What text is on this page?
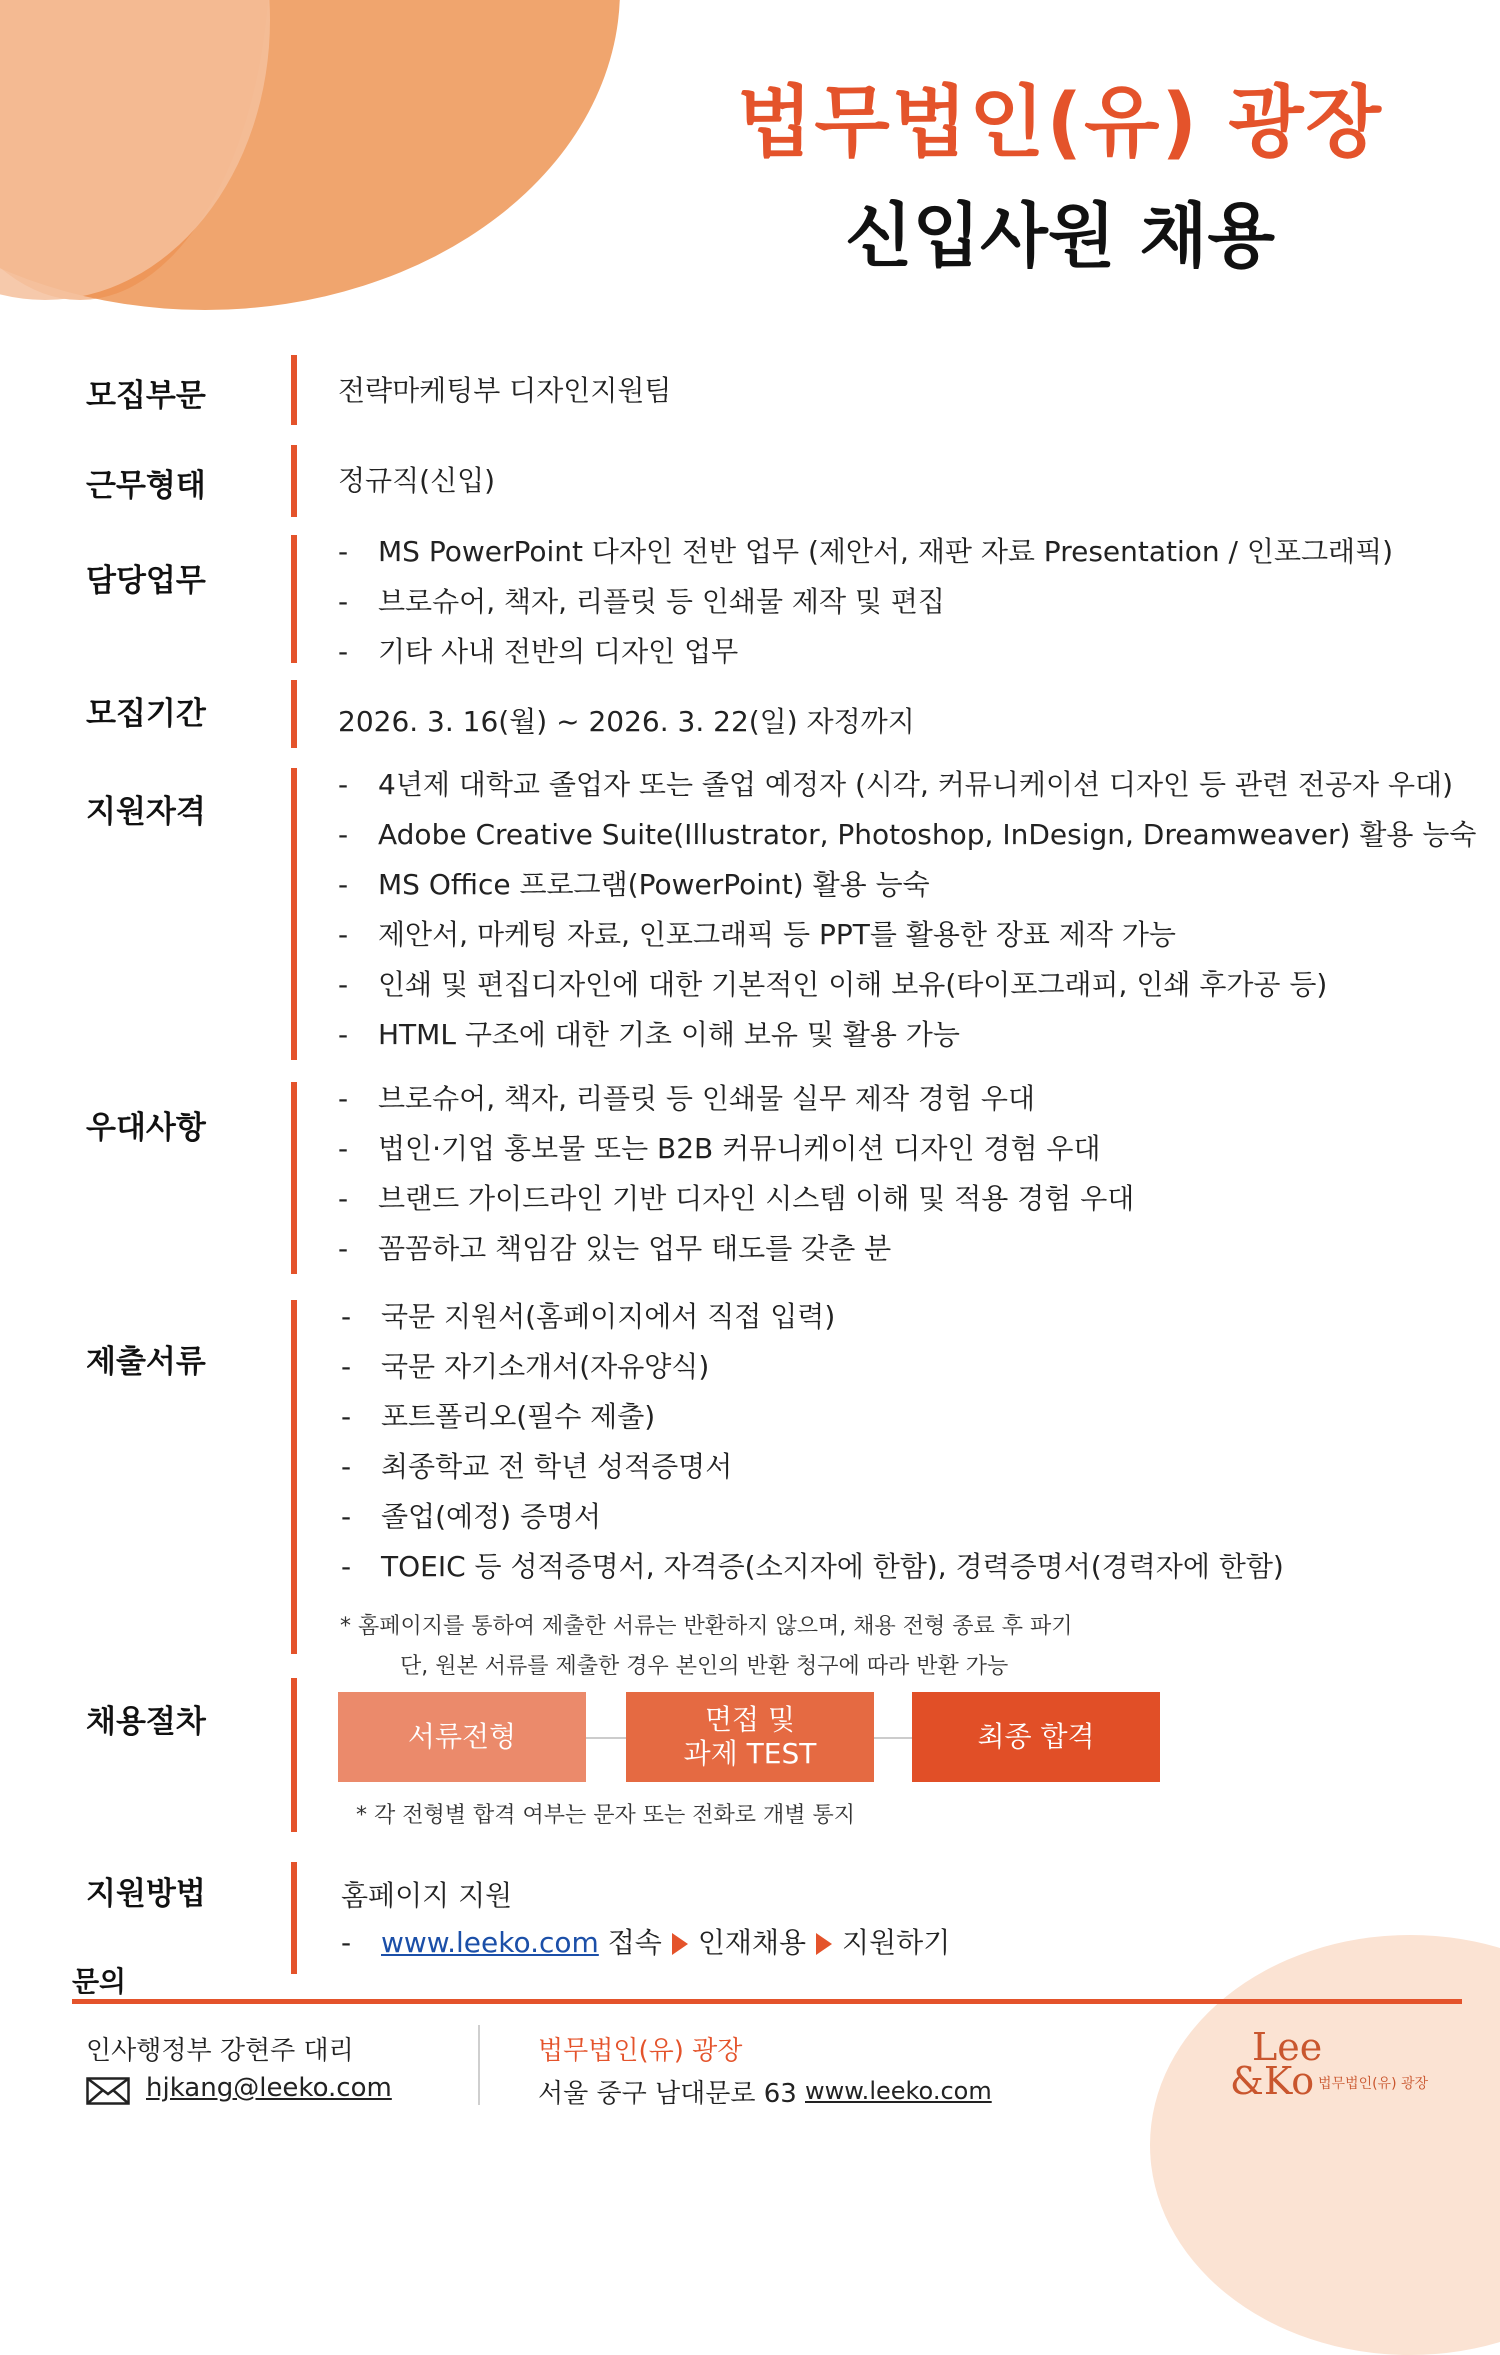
법무법인(유) 광장
신입사원 채용
모집부문	전략마케팅부 디자인지원팀
근무형태	정규직(신입)
담당업무
- MS PowerPoint 다자인 전반 업무 (제안서, 재판 자료 Presentation / 인포그래픽)
- 브로슈어, 책자, 리플릿 등 인쇄물 제작 및 편집
- 기타 사내 전반의 디자인 업무
모집기간	2026. 3. 16(월) ~ 2026. 3. 22(일) 자정까지
지원자격
- 4년제 대학교 졸업자 또는 졸업 예정자 (시각, 커뮤니케이션 디자인 등 관련 전공자 우대)
- Adobe Creative Suite(Illustrator, Photoshop, InDesign, Dreamweaver) 활용 능숙
- MS Office 프로그램(PowerPoint) 활용 능숙
- 제안서, 마케팅 자료, 인포그래픽 등 PPT를 활용한 장표 제작 가능
- 인쇄 및 편집디자인에 대한 기본적인 이해 보유(타이포그래피, 인쇄 후가공 등)
- HTML 구조에 대한 기초 이해 보유 및 활용 가능
우대사항
- 브로슈어, 책자, 리플릿 등 인쇄물 실무 제작 경험 우대
- 법인·기업 홍보물 또는 B2B 커뮤니케이션 디자인 경험 우대
- 브랜드 가이드라인 기반 디자인 시스템 이해 및 적용 경험 우대
- 꼼꼼하고 책임감 있는 업무 태도를 갖춘 분
제출서류
- 국문 지원서(홈페이지에서 직접 입력)
- 국문 자기소개서(자유양식)
- 포트폴리오(필수 제출)
- 최종학교 전 학년 성적증명서
- 졸업(예정) 증명서
- TOEIC 등 성적증명서, 자격증(소지자에 한함), 경력증명서(경력자에 한함)
* 홈페이지를 통하여 제출한 서류는 반환하지 않으며, 채용 전형 종료 후 파기
단, 원본 서류를 제출한 경우 본인의 반환 청구에 따라 반환 가능
채용절차	서류전형
면접 및
과제 TEST
최종 합격
* 각 전형별 합격 여부는 문자 또는 전화로 개별 통지
지원방법	홈페이지 지원
- www.leeko.com 접속 인재채용 지원하기
문의
인사행정부 강현주 대리
hjkang@leeko.com
법무법인(유) 광장
서울 중구 남대문로 63 www.leeko.com
Lee
&Ko 법무법인(유) 광장
